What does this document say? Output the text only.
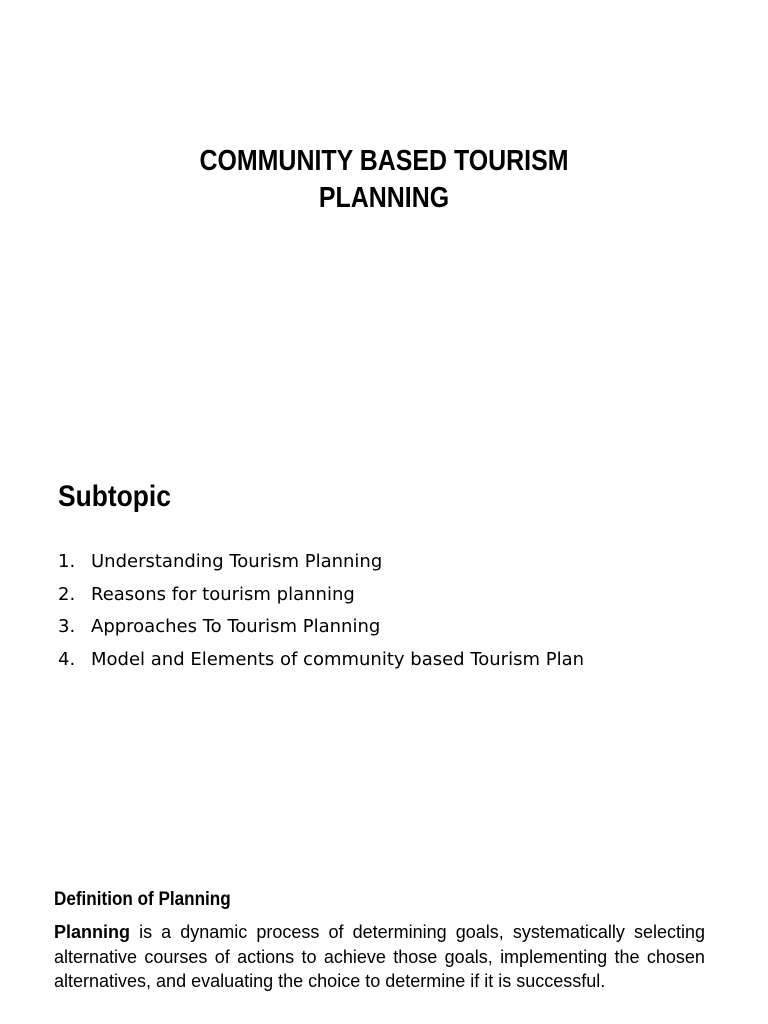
COMMUNITY BASED TOURISM
PLANNING
Subtopic
1. Understanding Tourism Planning
2. Reasons for tourism planning
3. Approaches To Tourism Planning
4. Model and Elements of community based Tourism Plan
Definition of Planning
Planning is a dynamic process of determining goals, systematically selecting
alternative courses of actions to achieve those goals, implementing the chosen
alternatives, and evaluating the choice to determine if it is successful.
